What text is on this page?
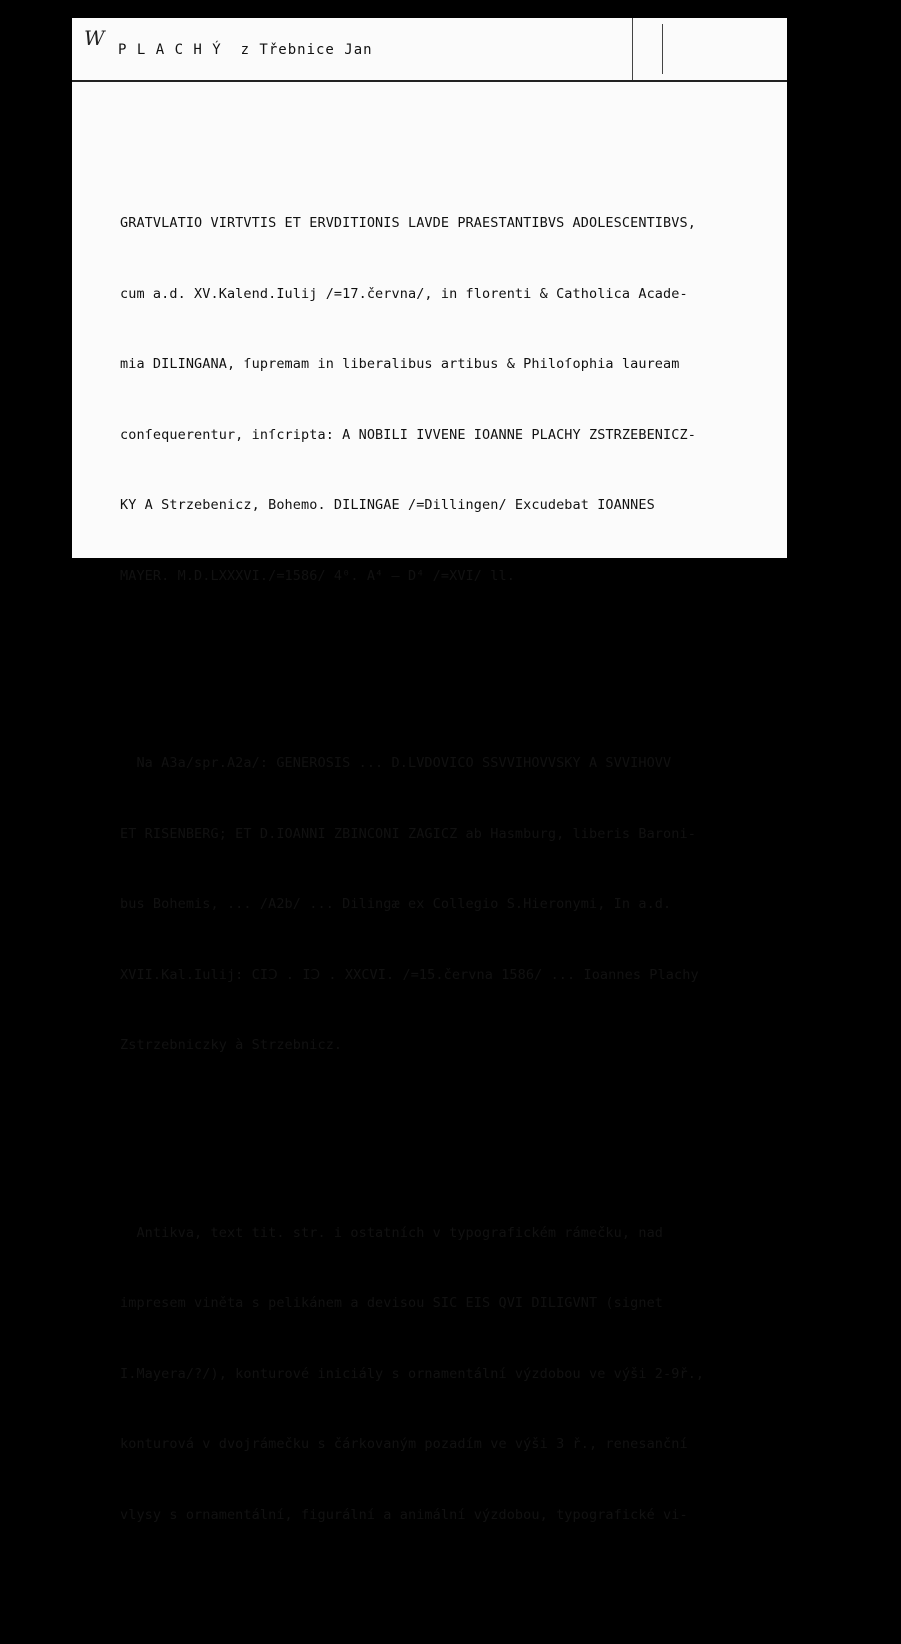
W P L A C H Ý  z Třebnice Jan

GRATVLATIO VIRTVTIS ET ERVDITIONIS LAVDE PRAESTANTIBVS ADOLESCENTIBVS,

cum a.d. XV.Kalend.Iulij /=17.června/, in florenti & Catholica Acade-

mia DILINGANA, ſupremam in liberalibus artibus & Philoſophia lauream

conſequerentur, inſcripta: A NOBILI IVVENE IOANNE PLACHY ZSTRZEBENICZ-

KY A Strzebenicz, Bohemo. DILINGAE /=Dillingen/ Excudebat IOANNES

MAYER. M.D.LXXXVI./=1586/ 4⁰. A⁴ – D⁴ /=XVI/ ll.

Na A3a/spr.A2a/: GENEROSIS ... D.LVDOVICO SSVVIHOVVSKY A SVVIHOVV

ET RISENBERG; ET D.IOANNI ZBINCONI ZAGICZ ab Hasmburg, liberis Baroni-

bus Bohemis, ... /A2b/ ... Dilingæ ex Collegio S.Hieronymi, In a.d.

XVII.Kal.Iulij: CIↃ . IↃ . XXCVI. /=15.června 1586/ ... Ioannes Plachy

Zstrzebniczky à Strzebnicz.

Antikva, text tit. str. i ostatních v typografickém rámečku, nad

impresem viněta s pelikánem a devisou SIC EIS QVI DILIGVNT (signet

I.Mayera/?/), konturové iniciály s ornamentální výzdobou ve výši 2-9ř.,

konturová v dvojrámečku s čárkovaným pozadím ve výši 3 ř., renesanční

vlysy s ornamentální, figurální a animální výzdobou, typografické vi-
